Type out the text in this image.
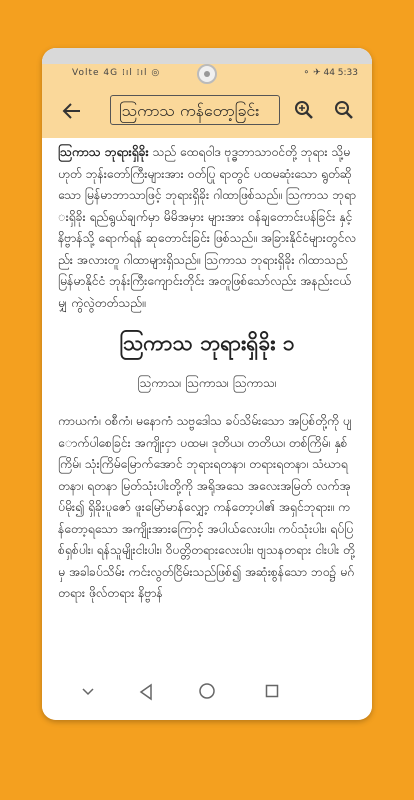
Volte 4G ⁞ıl ⁞ıl ◎	⚬ ✈ 44 5:33
ဩကာသ ကန်တော့ခြင်း

ဩကာသ ဘုရားရှိခိုး သည် ထေရဝါဒ ဗုဒ္ဓဘာသာဝင်တို့ ဘုရား သို့မဟုတ် ဘုန်းတော်ကြီးများအား ဝတ်ပြု ရာတွင် ပထမဆုံးသော ရွတ်ဆိုသော မြန်မာဘာသာဖြင့် ဘုရားရှိခိုး ဂါထာဖြစ်သည်။ ဩကာသ ဘုရားရှိခိုး ရည်ရွယ်ချက်မှာ မိမိအမှား များအား ဝန်ချတောင်းပန်ခြင်း နှင့် နိဗ္ဗာန်သို့ ရောက်ရန် ဆုတောင်းခြင်း ဖြစ်သည်။ အခြားနိုင်ငံများတွင်လည်း အလားတူ ဂါထာများရှိသည်။ ဩကာသ ဘုရားရှိခိုး ဂါထာသည် မြန်မာနိုင်ငံ ဘုန်းကြီးကျောင်းတိုင်း အတူဖြစ်သော်လည်း အနည်းငယ်မျှ ကွဲလွဲတတ်သည်။

ဩကာသ ဘုရားရှိခိုး ၁
ဩကာသ၊ ဩကာသ၊ ဩကာသ၊

ကာယကံ၊ ဝစီကံ၊ မနောကံ သဗ္ဗဒေါသ ခပ်သိမ်းသော အပြစ်တို့ကို ပျောက်ပါစေခြင်း အကျိုးငှာ ပထမ၊ ဒုတိယ၊ တတိယ၊ တစ်ကြိမ်၊ နှစ်ကြိမ်၊ သုံးကြိမ်မြောက်အောင် ဘုရားရတနာ၊ တရားရတနာ၊ သံဃာရတနာ၊ ရတနာ မြတ်သုံးပါးတို့ကို အရိုအသေ အလေးအမြတ် လက်အုပ်မိုး၍ ရှိခိုးပူဇော် ဖူးမြော်မာန်လျှော့ ကန်တော့ပါ၏ အရှင်ဘုရား။ ကန်တော့ရသော အကျိုးအားကြောင့် အပါယ်လေးပါး၊ ကပ်သုံးပါး၊ ရပ်ပြစ်ရှစ်ပါး၊ ရန်သူမျိုးငါးပါး၊ ဝိပတ္တိတရားလေးပါး၊ ဗျသနတရား ငါးပါး တို့မှ အခါခပ်သိမ်း ကင်းလွတ်ငြိမ်းသည်ဖြစ်၍ အဆုံးစွန်သော ဘဝ၌ မဂ်တရား ဖိုလ်တရား နိဗ္ဗာန်
